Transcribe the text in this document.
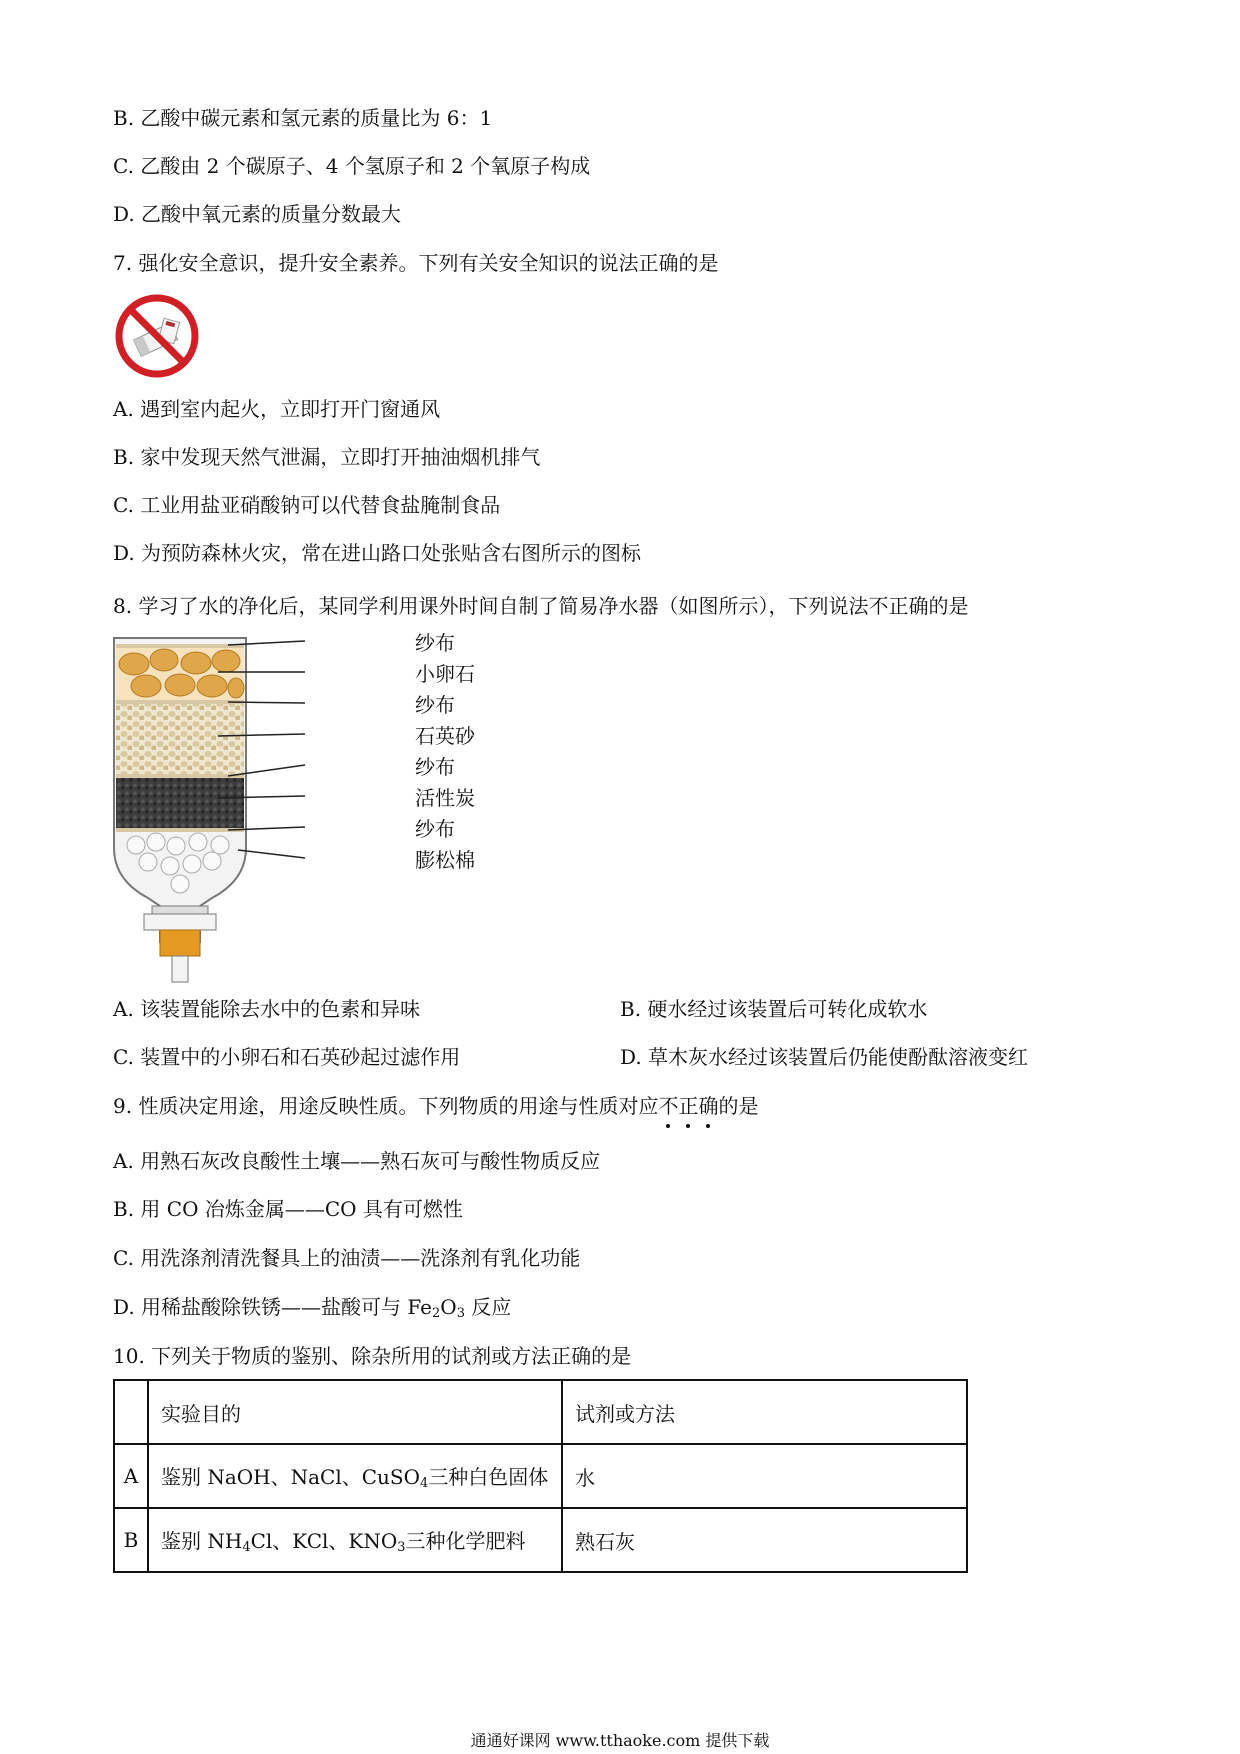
B. 乙酸中碳元素和氢元素的质量比为 6：1
C. 乙酸由 2 个碳原子、4 个氢原子和 2 个氧原子构成
D. 乙酸中氧元素的质量分数最大
7. 强化安全意识，提升安全素养。下列有关安全知识的说法正确的是
A. 遇到室内起火，立即打开门窗通风
B. 家中发现天然气泄漏，立即打开抽油烟机排气
C. 工业用盐亚硝酸钠可以代替食盐腌制食品
D. 为预防森林火灾，常在进山路口处张贴含右图所示的图标
8. 学习了水的净化后，某同学利用课外时间自制了简易净水器（如图所示），下列说法不正确的是
纱布
小卵石
纱布
石英砂
纱布
活性炭
纱布
膨松棉
A. 该装置能除去水中的色素和异味	B. 硬水经过该装置后可转化成软水
C. 装置中的小卵石和石英砂起过滤作用	D. 草木灰水经过该装置后仍能使酚酞溶液变红
9. 性质决定用途，用途反映性质。下列物质的用途与性质对应不正确
的是
A. 用熟石灰改良酸性土壤——熟石灰可与酸性物质反应
B. 用 CO 冶炼金属——CO 具有可燃性
C. 用洗涤剂清洗餐具上的油渍——洗涤剂有乳化功能
D. 用稀盐酸除铁锈——盐酸可与 $Fe_2O_3$ 反应
10. 下列关于物质的鉴别、除杂所用的试剂或方法正确的是
	实验目的	试剂或方法
A	鉴别 NaOH、NaCl、CuSO$_4$三种白色固体	水
B	鉴别 $NH_4Cl$、KCl、$KNO_3$三种化学肥料	熟石灰
通通好课网 www.tthaoke.com 提供下载
